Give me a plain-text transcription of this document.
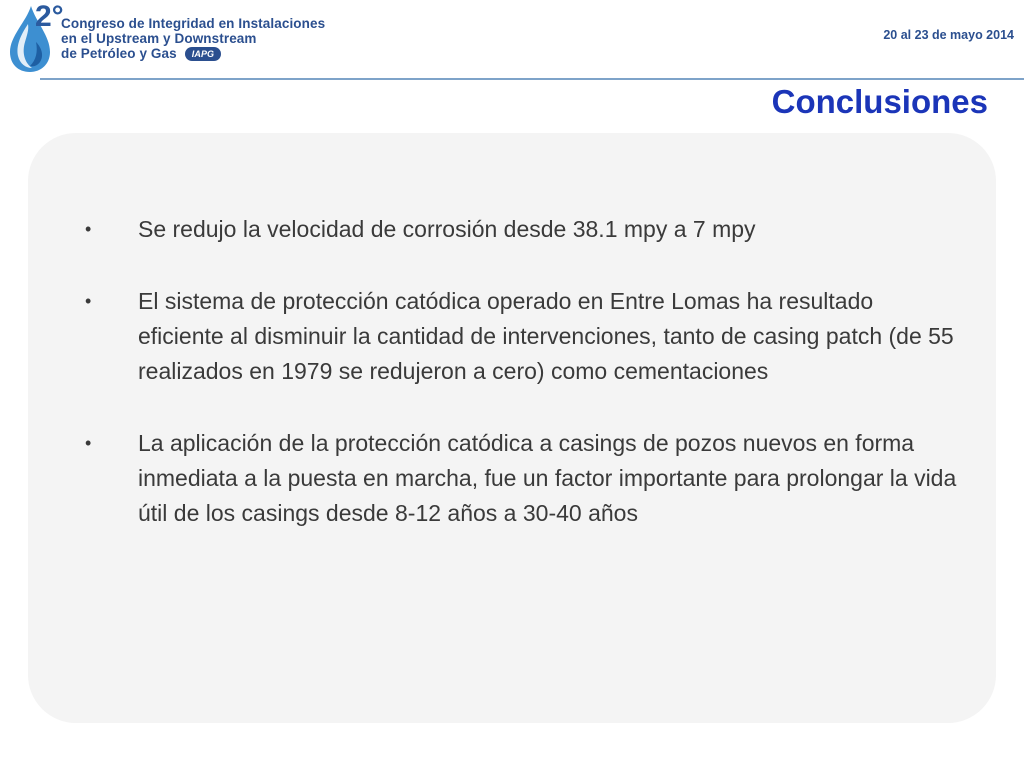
2°
Congreso de Integridad en Instalaciones
en el Upstream y Downstream
de Petróleo y Gas IAPG
20 al 23 de mayo 2014
Conclusiones
• Se redujo la velocidad de corrosión desde 38.1 mpy a 7 mpy
• El sistema de protección catódica operado en Entre Lomas ha resultado eficiente al disminuir la cantidad de intervenciones, tanto de casing patch (de 55 realizados en 1979 se redujeron a cero) como cementaciones
• La aplicación de la protección catódica a casings de pozos nuevos en forma inmediata a la puesta en marcha, fue un factor importante para prolongar la vida útil de los casings desde 8-12 años a 30-40 años
